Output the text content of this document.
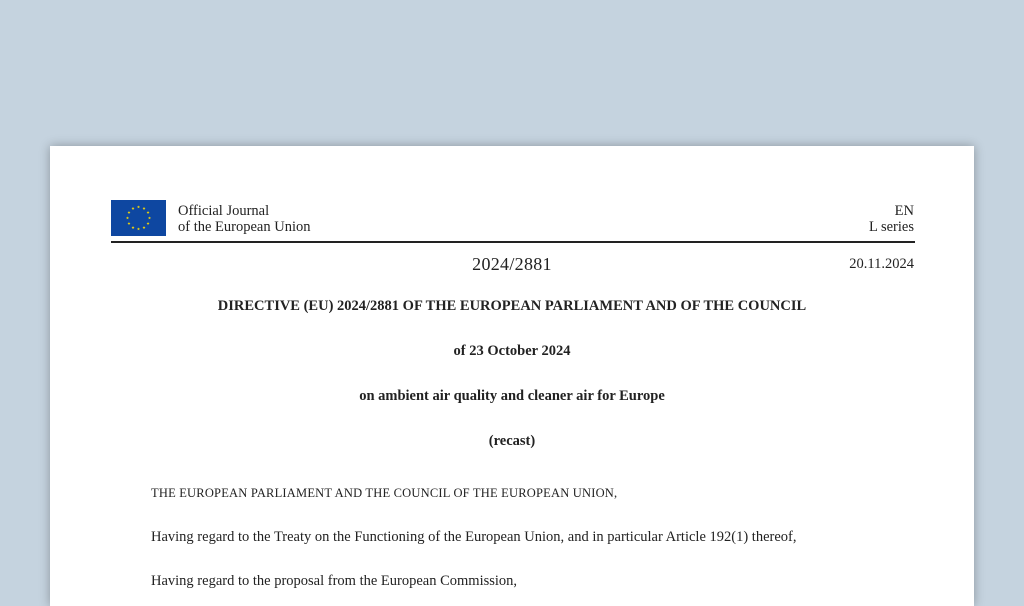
Official Journal
of the European Union
EN
L series
2024/2881	20.11.2024
DIRECTIVE (EU) 2024/2881 OF THE EUROPEAN PARLIAMENT AND OF THE COUNCIL
of 23 October 2024
on ambient air quality and cleaner air for Europe
(recast)
THE EUROPEAN PARLIAMENT AND THE COUNCIL OF THE EUROPEAN UNION,
Having regard to the Treaty on the Functioning of the European Union, and in particular Article 192(1) thereof,
Having regard to the proposal from the European Commission,
